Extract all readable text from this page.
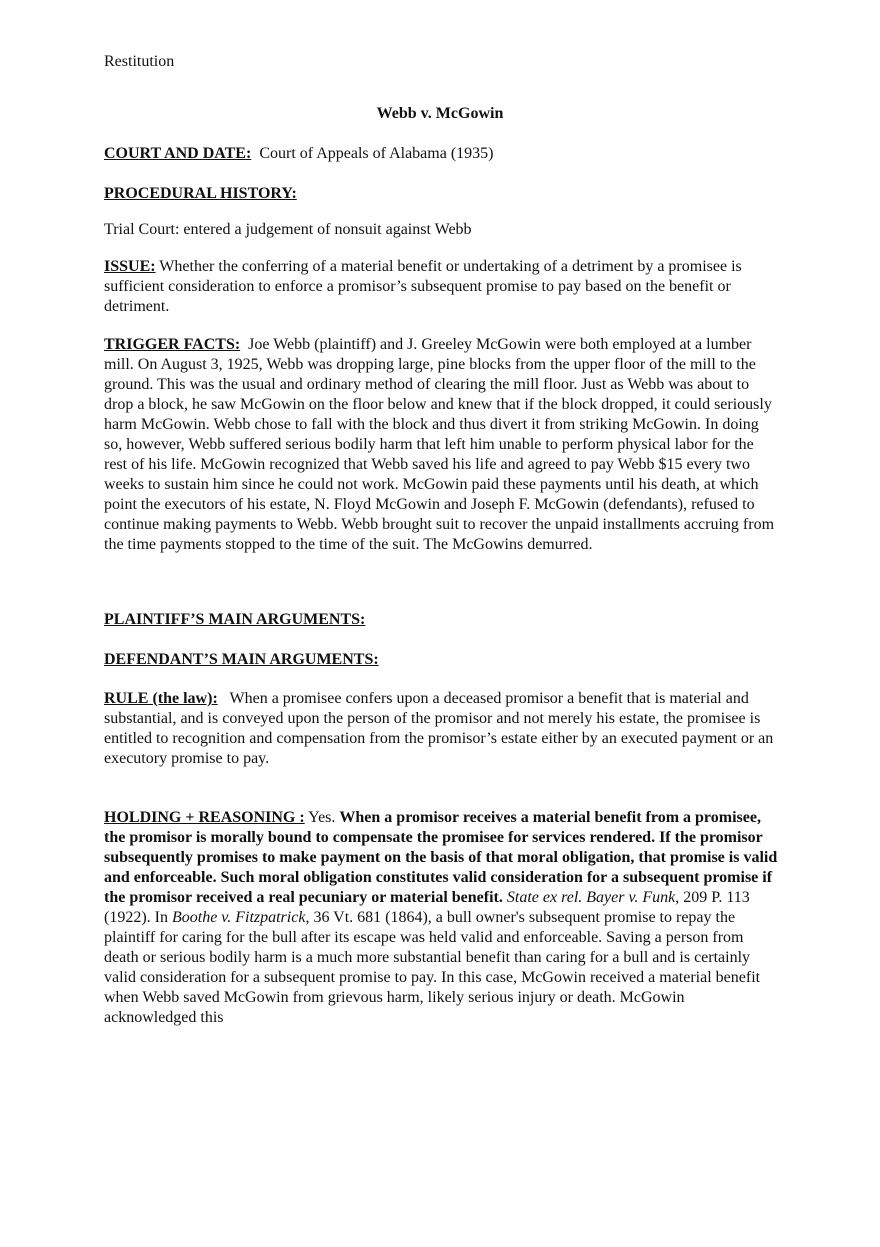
Restitution
Webb v. McGowin
COURT AND DATE: Court of Appeals of Alabama (1935)
PROCEDURAL HISTORY:
Trial Court: entered a judgement of nonsuit against Webb
ISSUE: Whether the conferring of a material benefit or undertaking of a detriment by a promisee is sufficient consideration to enforce a promisor’s subsequent promise to pay based on the benefit or detriment.
TRIGGER FACTS: Joe Webb (plaintiff) and J. Greeley McGowin were both employed at a lumber mill. On August 3, 1925, Webb was dropping large, pine blocks from the upper floor of the mill to the ground. This was the usual and ordinary method of clearing the mill floor. Just as Webb was about to drop a block, he saw McGowin on the floor below and knew that if the block dropped, it could seriously harm McGowin. Webb chose to fall with the block and thus divert it from striking McGowin. In doing so, however, Webb suffered serious bodily harm that left him unable to perform physical labor for the rest of his life. McGowin recognized that Webb saved his life and agreed to pay Webb $15 every two weeks to sustain him since he could not work. McGowin paid these payments until his death, at which point the executors of his estate, N. Floyd McGowin and Joseph F. McGowin (defendants), refused to continue making payments to Webb. Webb brought suit to recover the unpaid installments accruing from the time payments stopped to the time of the suit. The McGowins demurred.
PLAINTIFF’S MAIN ARGUMENTS:
DEFENDANT’S MAIN ARGUMENTS:
RULE (the law): When a promisee confers upon a deceased promisor a benefit that is material and substantial, and is conveyed upon the person of the promisor and not merely his estate, the promisee is entitled to recognition and compensation from the promisor’s estate either by an executed payment or an executory promise to pay.
HOLDING + REASONING : Yes. When a promisor receives a material benefit from a promisee, the promisor is morally bound to compensate the promisee for services rendered. If the promisor subsequently promises to make payment on the basis of that moral obligation, that promise is valid and enforceable. Such moral obligation constitutes valid consideration for a subsequent promise if the promisor received a real pecuniary or material benefit. State ex rel. Bayer v. Funk, 209 P. 113 (1922). In Boothe v. Fitzpatrick, 36 Vt. 681 (1864), a bull owner's subsequent promise to repay the plaintiff for caring for the bull after its escape was held valid and enforceable. Saving a person from death or serious bodily harm is a much more substantial benefit than caring for a bull and is certainly valid consideration for a subsequent promise to pay. In this case, McGowin received a material benefit when Webb saved McGowin from grievous harm, likely serious injury or death. McGowin acknowledged this
